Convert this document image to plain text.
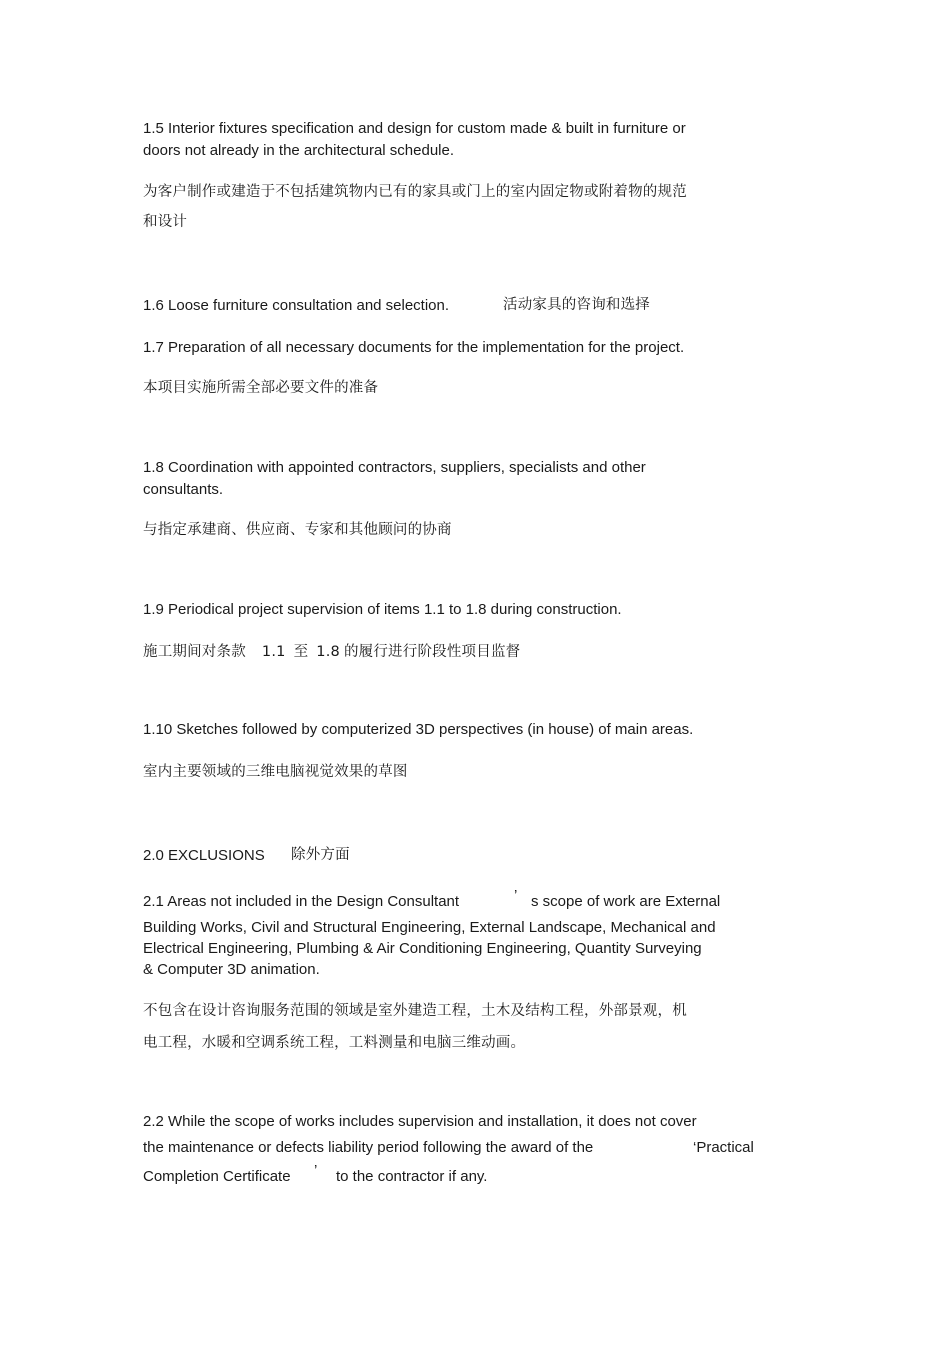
1.5 Interior fixtures specification and design for custom made & built in furniture or
doors not already in the architectural schedule.
为客户制作或建造于不包括建筑物内已有的家具或门上的室内固定物或附着物的规范
和设计
1.6 Loose furniture consultation and selection.	活动家具的咨询和选择
1.7 Preparation of all necessary documents for the implementation for the project.
本项目实施所需全部必要文件的准备
1.8 Coordination with appointed contractors, suppliers, specialists and other
consultants.
与指定承建商、供应商、专家和其他顾问的协商
1.9 Periodical project supervision of items 1.1 to 1.8 during construction.
施工期间对条款 1.1 至 1.8 的履行进行阶段性项目监督
1.10 Sketches followed by computerized 3D perspectives (in house) of main areas.
室内主要领域的三维电脑视觉效果的草图
2.0 EXCLUSIONS 除外方面
2.1 Areas not included in the Design Consultant	’ s scope of work are External
Building Works, Civil and Structural Engineering, External Landscape, Mechanical and
Electrical Engineering, Plumbing & Air Conditioning Engineering, Quantity Surveying
& Computer 3D animation.
不包含在设计咨询服务范围的领域是室外建造工程，土木及结构工程，外部景观，机
电工程，水暖和空调系统工程，工料测量和电脑三维动画。
2.2 While the scope of works includes supervision and installation, it does not cover
the maintenance or defects liability period following the award of the	‘Practical
Completion Certificate ’ to the contractor if any.
